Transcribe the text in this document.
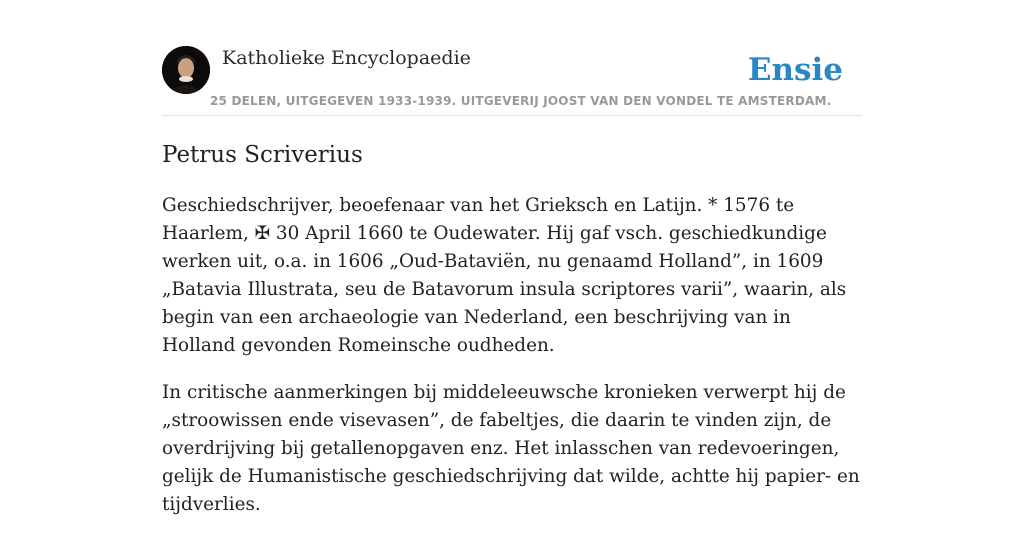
Katholieke Encyclopaedie
25 DELEN, UITGEGEVEN 1933-1939. UITGEVERIJ JOOST VAN DEN VONDEL TE AMSTERDAM.
Ensie
Petrus Scriverius

Geschiedschrijver, beoefenaar van het Grieksch en Latijn. * 1576 te Haarlem, ✠ 30 April 1660 te Oudewater. Hij gaf vsch. geschiedkundige werken uit, o.a. in 1606 „Oud-Bataviën, nu genaamd Holland”, in 1609 „Batavia Illustrata, seu de Batavorum insula scriptores varii”, waarin, als begin van een archaeologie van Nederland, een beschrijving van in Holland gevonden Romeinsche oudheden.

In critische aanmerkingen bij middeleeuwsche kronieken verwerpt hij de „stroowissen ende visevasen”, de fabeltjes, die daarin te vinden zijn, de overdrijving bij getallenopgaven enz. Het inlasschen van redevoeringen, gelijk de Humanistische geschiedschrijving dat wilde, achtte hij papier- en tijdverlies.
